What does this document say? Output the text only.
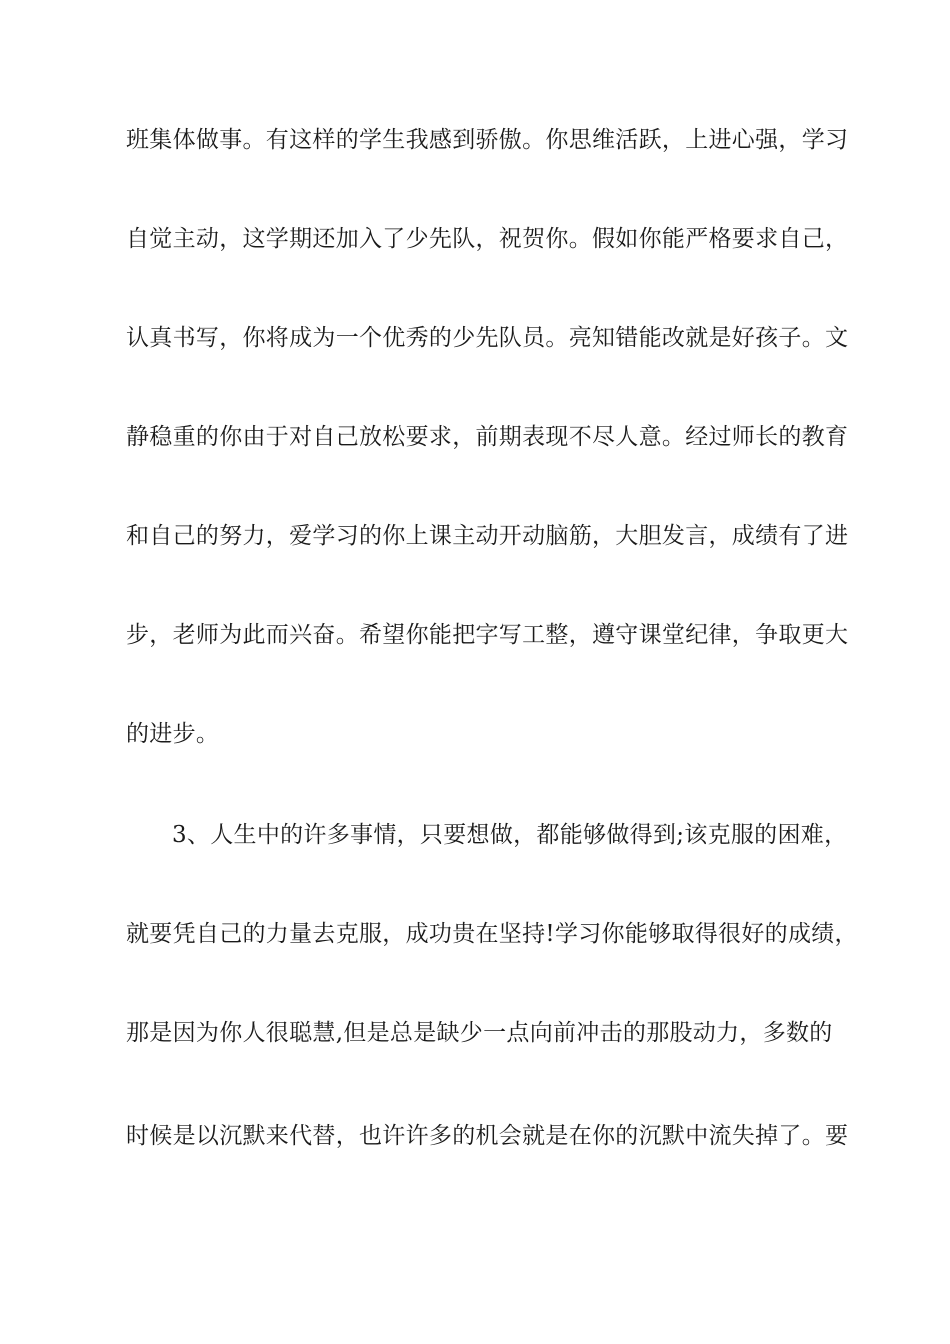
班集体做事。有这样的学生我感到骄傲。你思维活跃，上进心强，学习
自觉主动，这学期还加入了少先队，祝贺你。假如你能严格要求自己，
认真书写，你将成为一个优秀的少先队员。亮知错能改就是好孩子。文
静稳重的你由于对自己放松要求，前期表现不尽人意。经过师长的教育
和自己的努力，爱学习的你上课主动开动脑筋，大胆发言，成绩有了进
步，老师为此而兴奋。希望你能把字写工整，遵守课堂纪律，争取更大
的进步。
3、人生中的许多事情，只要想做，都能够做得到;该克服的困难，
就要凭自己的力量去克服，成功贵在坚持!学习你能够取得很好的成绩，
那是因为你人很聪慧,但是总是缺少一点向前冲击的那股动力，多数的
时候是以沉默来代替，也许许多的机会就是在你的沉默中流失掉了。要
